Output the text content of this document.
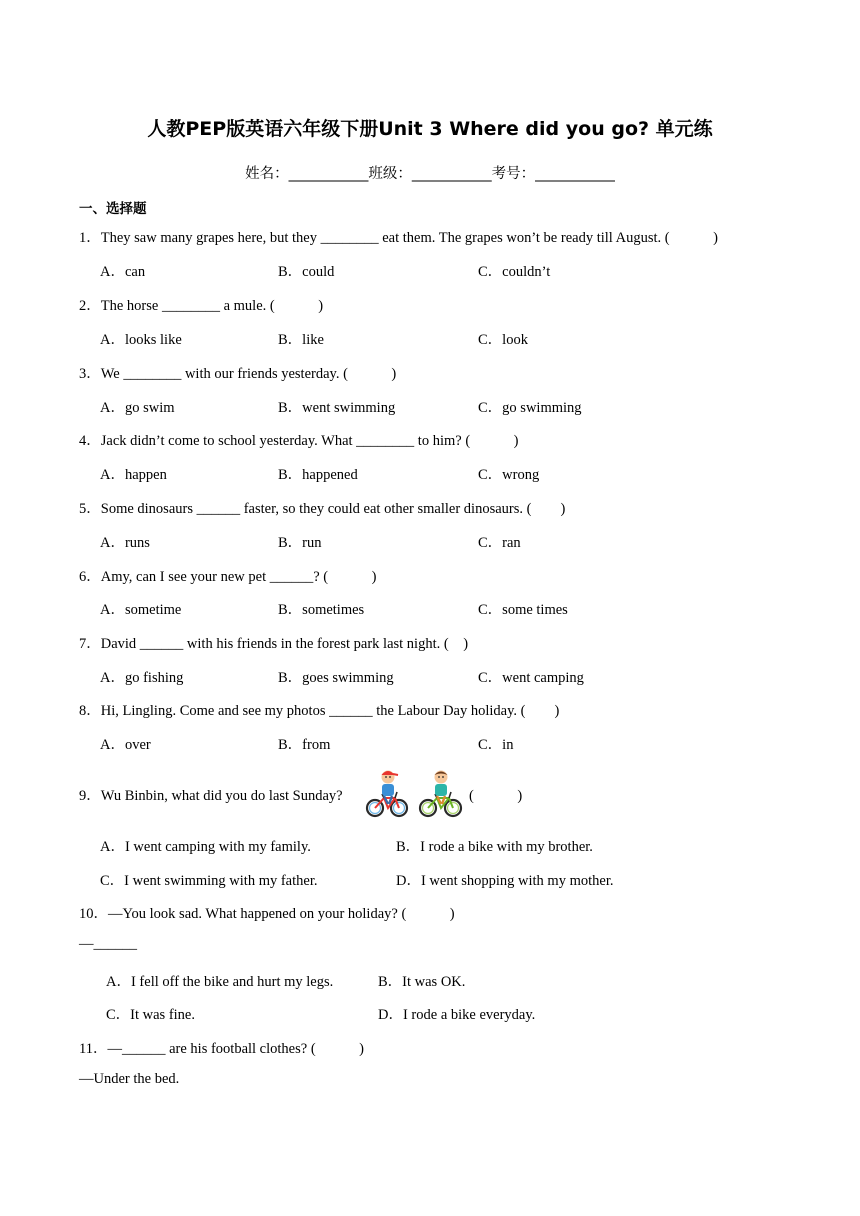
人教PEP版英语六年级下册Unit 3 Where did you go? 单元练
姓名：___________班级：___________考号：___________
一、选择题
1．They saw many grapes here, but they ________ eat them. The grapes won’t be ready till August. (　　　)
A．can	B．could	C．couldn’t
2．The horse ________ a mule. (　　　)
A．looks like	B．like	C．look
3．We ________ with our friends yesterday. (　　　)
A．go swim	B．went swimming	C．go swimming
4．Jack didn’t come to school yesterday. What ________ to him? (　　　)
A．happen	B．happened	C．wrong
5．Some dinosaurs ______ faster, so they could eat other smaller dinosaurs. (　　)
A．runs	B．run	C．ran
6．Amy, can I see your new pet ______? (　　　)
A．sometime	B．sometimes	C．some times
7．David ______ with his friends in the forest park last night. (　)
A．go fishing	B．goes swimming	C．went camping
8．Hi, Lingling. Come and see my photos ______ the Labour Day holiday. (　　)
A．over	B．from	C．in
9．Wu Binbin, what did you do last Sunday?	(　　　)
A．I went camping with my family.	B．I rode a bike with my brother.
C．I went swimming with my father.	D．I went shopping with my mother.
10．—You look sad. What happened on your holiday? (　　　)
—______
A．I fell off the bike and hurt my legs.	B．It was OK.
C．It was fine.	D．I rode a bike everyday.
11．—______ are his football clothes? (　　　)
—Under the bed.
